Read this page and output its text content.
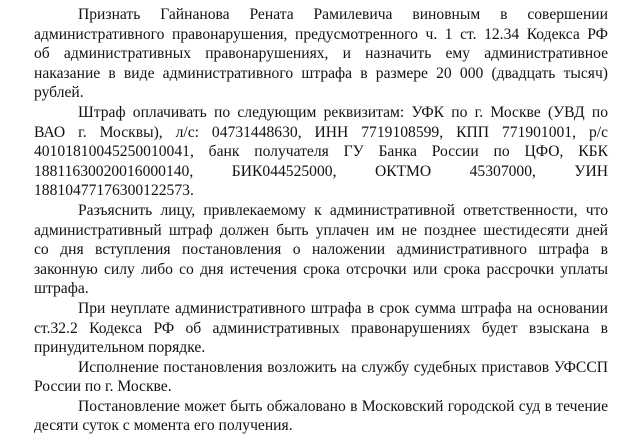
Признать Гайнанова Рената Рамилевича виновным в совершении
административного правонарушения, предусмотренного ч. 1 ст. 12.34 Кодекса РФ
об административных правонарушениях, и назначить ему административное
наказание в виде административного штрафа в размере 20 000 (двадцать тысяч)
рублей.

Штраф оплачивать по следующим реквизитам: УФК по г. Москве (УВД по
ВАО г. Москвы), л/с: 04731448630, ИНН 7719108599, КПП 771901001, р/с
40101810045250010041, банк получателя ГУ Банка России по ЦФО, КБК
18811630020016000140, БИК044525000, ОКТМО 45307000, УИН
18810477176300122573.

Разъяснить лицу, привлекаемому к административной ответственности, что
административный штраф должен быть уплачен им не позднее шестидесяти дней
со дня вступления постановления о наложении административного штрафа в
законную силу либо со дня истечения срока отсрочки или срока рассрочки уплаты
штрафа.

При неуплате административного штрафа в срок сумма штрафа на основании
ст.32.2 Кодекса РФ об административных правонарушениях будет взыскана в
принудительном порядке.

Исполнение постановления возложить на службу судебных приставов УФССП
России по г. Москве.

Постановление может быть обжаловано в Московский городской суд в течение
десяти суток с момента его получения.
